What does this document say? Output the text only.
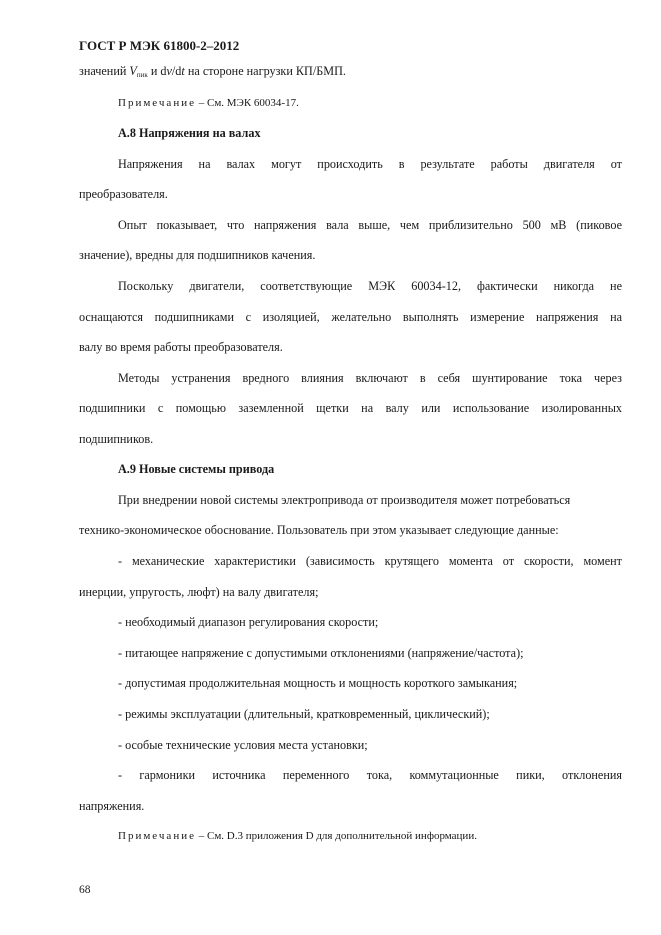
ГОСТ Р МЭК 61800-2–2012
значений $V_{пик}$ и dv/dt на стороне нагрузки КП/БМП.
Примечание – См. МЭК 60034-17.
А.8 Напряжения на валах
Напряжения на валах могут происходить в результате работы двигателя от
преобразователя.
Опыт показывает, что напряжения вала выше, чем приблизительно 500 мВ (пиковое
значение), вредны для подшипников качения.
Поскольку двигатели, соответствующие МЭК 60034-12, фактически никогда не
оснащаются подшипниками с изоляцией, желательно выполнять измерение напряжения на
валу во время работы преобразователя.
Методы устранения вредного влияния включают в себя шунтирование тока через
подшипники с помощью заземленной щетки на валу или использование изолированных
подшипников.
А.9 Новые системы привода
При внедрении новой системы электропривода от производителя может потребоваться
технико-экономическое обоснование. Пользователь при этом указывает следующие данные:
- механические характеристики (зависимость крутящего момента от скорости, момент
инерции, упругость, люфт) на валу двигателя;
- необходимый диапазон регулирования скорости;
- питающее напряжение с допустимыми отклонениями (напряжение/частота);
- допустимая продолжительная мощность и мощность короткого замыкания;
- режимы эксплуатации (длительный, кратковременный, циклический);
- особые технические условия места установки;
- гармоники источника переменного тока, коммутационные пики, отклонения
напряжения.
Примечание – См. D.3 приложения D для дополнительной информации.
68
